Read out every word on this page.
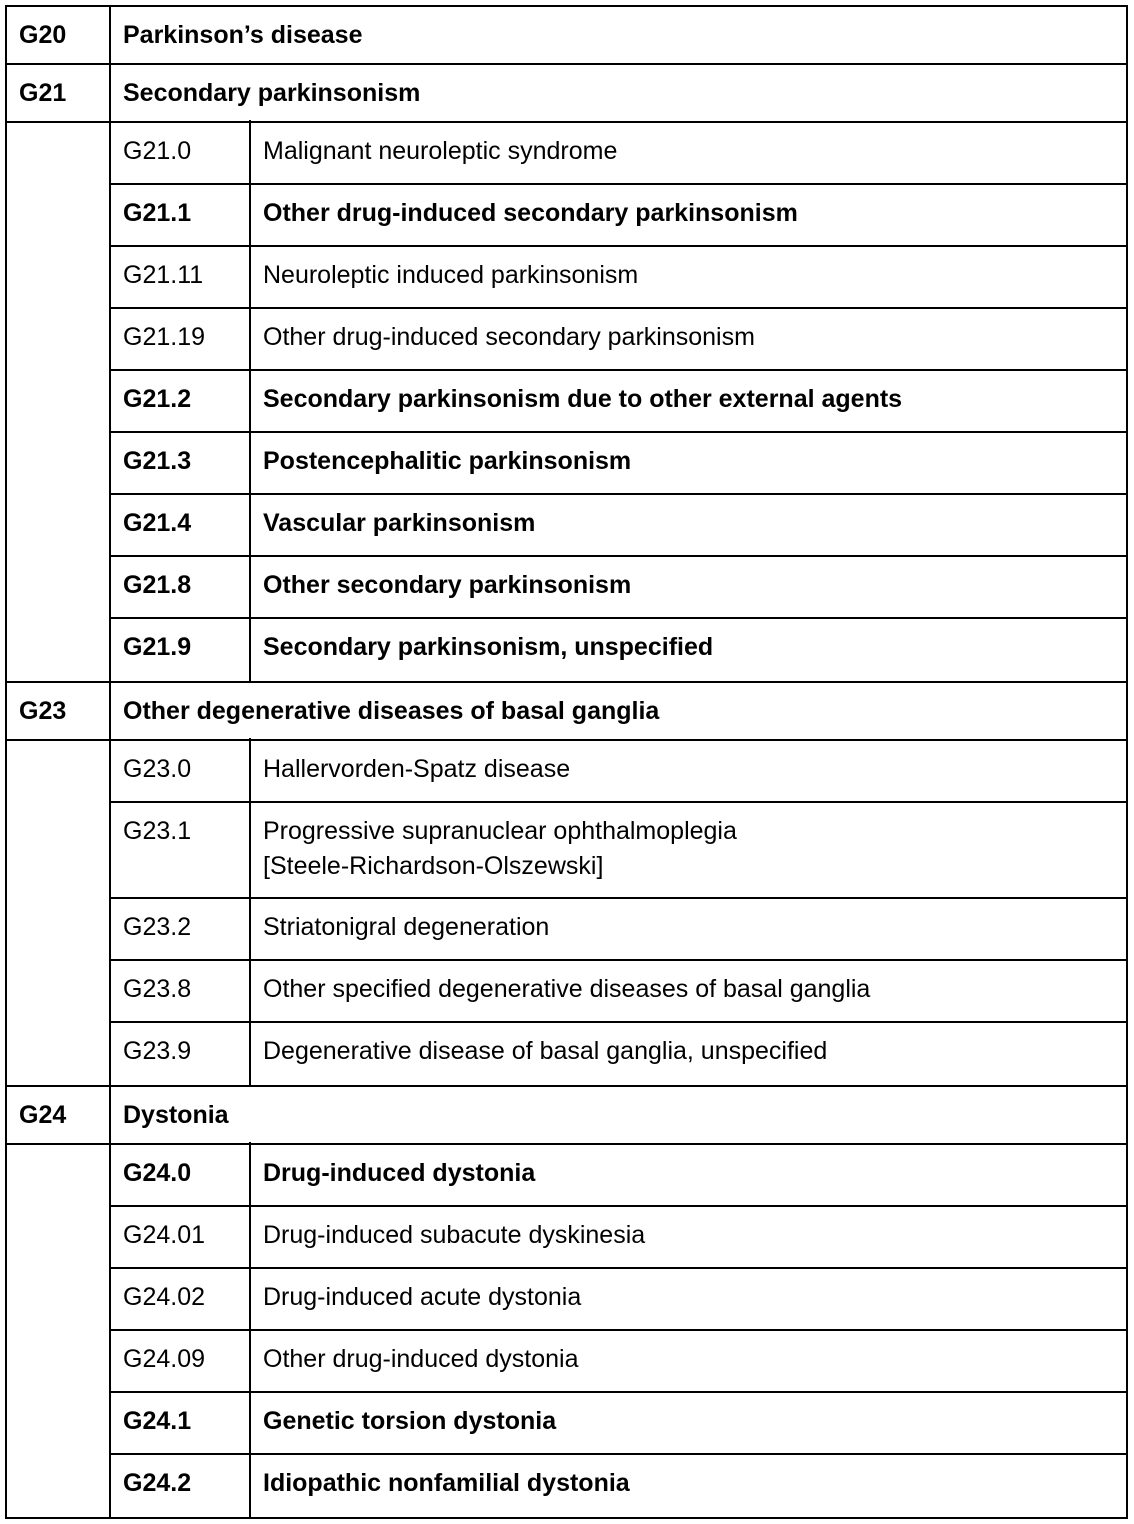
G20	Parkinson’s disease
G21	Secondary parkinsonism
G21.0	Malignant neuroleptic syndrome
G21.1	Other drug-induced secondary parkinsonism
G21.11	Neuroleptic induced parkinsonism
G21.19	Other drug-induced secondary parkinsonism
G21.2	Secondary parkinsonism due to other external agents
G21.3	Postencephalitic parkinsonism
G21.4	Vascular parkinsonism
G21.8	Other secondary parkinsonism
G21.9	Secondary parkinsonism, unspecified
G23	Other degenerative diseases of basal ganglia
G23.0	Hallervorden-Spatz disease
G23.1	Progressive supranuclear ophthalmoplegia
[Steele-Richardson-Olszewski]
G23.2	Striatonigral degeneration
G23.8	Other specified degenerative diseases of basal ganglia
G23.9	Degenerative disease of basal ganglia, unspecified
G24	Dystonia
G24.0	Drug-induced dystonia
G24.01	Drug-induced subacute dyskinesia
G24.02	Drug-induced acute dystonia
G24.09	Other drug-induced dystonia
G24.1	Genetic torsion dystonia
G24.2	Idiopathic nonfamilial dystonia
